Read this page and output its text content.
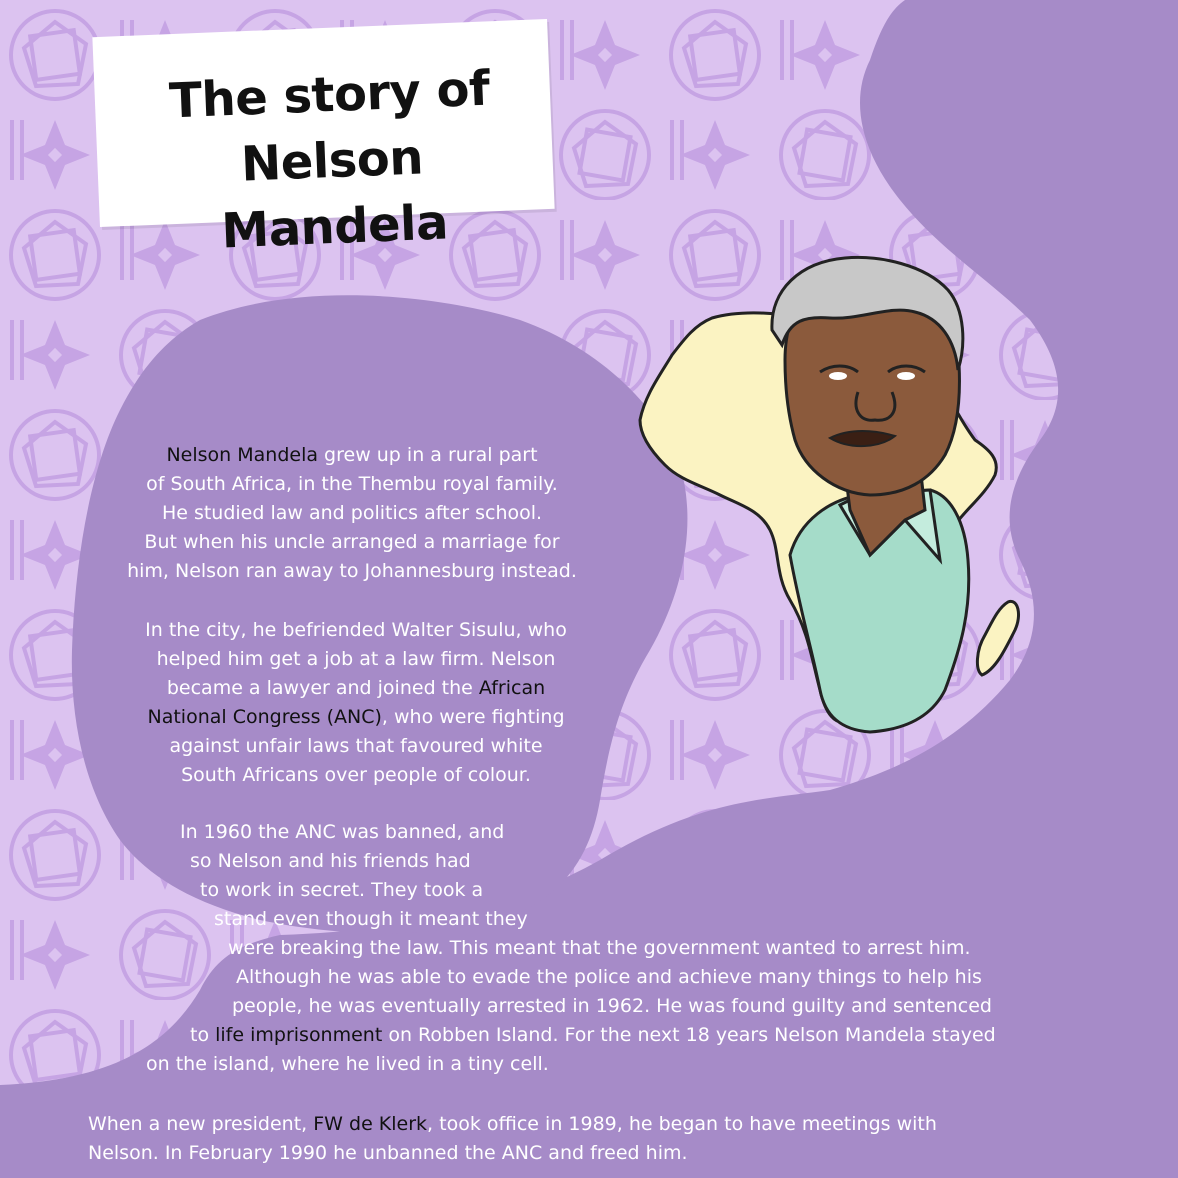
The story of
Nelson Mandela
Nelson Mandela grew up in a rural part
of South Africa, in the Thembu royal family.
He studied law and politics after school.
But when his uncle arranged a marriage for
him, Nelson ran away to Johannesburg instead.
In the city, he befriended Walter Sisulu, who
helped him get a job at a law firm. Nelson
became a lawyer and joined the African
National Congress (ANC), who were fighting
against unfair laws that favoured white
South Africans over people of colour.
In 1960 the ANC was banned, and
so Nelson and his friends had
to work in secret. They took a
stand even though it meant they
were breaking the law. This meant that the government wanted to arrest him.
Although he was able to evade the police and achieve many things to help his
people, he was eventually arrested in 1962. He was found guilty and sentenced
to life imprisonment on Robben Island. For the next 18 years Nelson Mandela stayed
on the island, where he lived in a tiny cell.
When a new president, FW de Klerk, took office in 1989, he began to have meetings with
Nelson. In February 1990 he unbanned the ANC and freed him.
